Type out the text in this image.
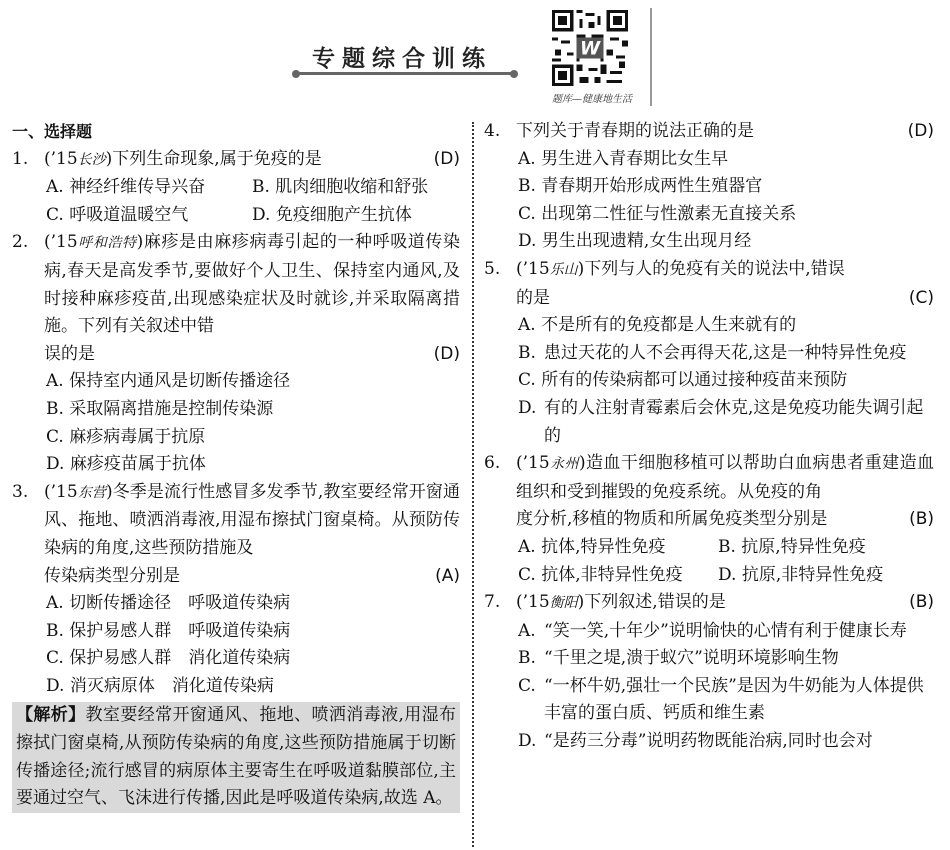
专题综合训练	W
题库—健康地生活
一、选择题
1. (’15长沙)下列生命现象,属于免疫的是	(D)
A. 神经纤维传导兴奋	B. 肌肉细胞收缩和舒张
C. 呼吸道温暖空气	D. 免疫细胞产生抗体
2. (’15呼和浩特)麻疹是由麻疹病毒引起的一种呼吸道传染病,春天是高发季节,要做好个人卫生、保持室内通风,及时接种麻疹疫苗,出现感染症状及时就诊,并采取隔离措施。下列有关叙述中错
误的是	(D)
A. 保持室内通风是切断传播途径
B. 采取隔离措施是控制传染源
C. 麻疹病毒属于抗原
D. 麻疹疫苗属于抗体
3. (’15东营)冬季是流行性感冒多发季节,教室要经常开窗通风、拖地、喷洒消毒液,用湿布擦拭门窗桌椅。从预防传染病的角度,这些预防措施及
传染病类型分别是	(A)
A. 切断传播途径　呼吸道传染病
B. 保护易感人群　呼吸道传染病
C. 保护易感人群　消化道传染病
D. 消灭病原体　消化道传染病
【解析】教室要经常开窗通风、拖地、喷洒消毒液,用湿布擦拭门窗桌椅,从预防传染病的角度,这些预防措施属于切断传播途径;流行感冒的病原体主要寄生在呼吸道黏膜部位,主要通过空气、飞沫进行传播,因此是呼吸道传染病,故选 A。
4. 下列关于青春期的说法正确的是	(D)
A. 男生进入青春期比女生早
B. 青春期开始形成两性生殖器官
C. 出现第二性征与性激素无直接关系
D. 男生出现遗精,女生出现月经
5. (’15乐山)下列与人的免疫有关的说法中,错误
的是	(C)
A. 不是所有的免疫都是人生来就有的
B. 患过天花的人不会再得天花,这是一种特异性免疫
C. 所有的传染病都可以通过接种疫苗来预防
D. 有的人注射青霉素后会休克,这是免疫功能失调引起的
6. (’15永州)造血干细胞移植可以帮助白血病患者重建造血组织和受到摧毁的免疫系统。从免疫的角
度分析,移植的物质和所属免疫类型分别是	(B)
A. 抗体,特异性免疫	B. 抗原,特异性免疫
C. 抗体,非特异性免疫	D. 抗原,非特异性免疫
7. (’15衡阳)下列叙述,错误的是	(B)
A. “笑一笑,十年少”说明愉快的心情有利于健康长寿
B. “千里之堤,溃于蚁穴”说明环境影响生物
C. “一杯牛奶,强壮一个民族”是因为牛奶能为人体提供丰富的蛋白质、钙质和维生素
D. “是药三分毒”说明药物既能治病,同时也会对
